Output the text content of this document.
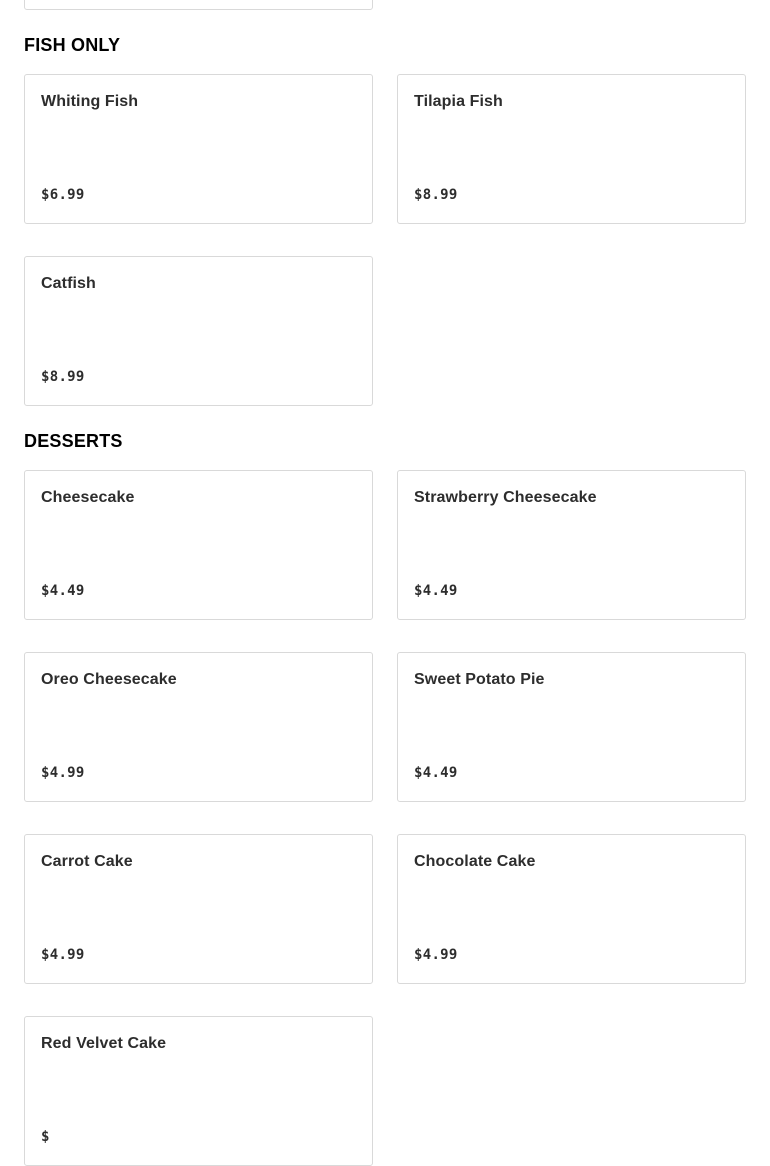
FISH ONLY
Whiting Fish
$6.99
Tilapia Fish
$8.99
Catfish
$8.99
DESSERTS
Cheesecake
$4.49
Strawberry Cheesecake
$4.49
Oreo Cheesecake
$4.99
Sweet Potato Pie
$4.49
Carrot Cake
$4.99
Chocolate Cake
$4.99
Red Velvet Cake
$
